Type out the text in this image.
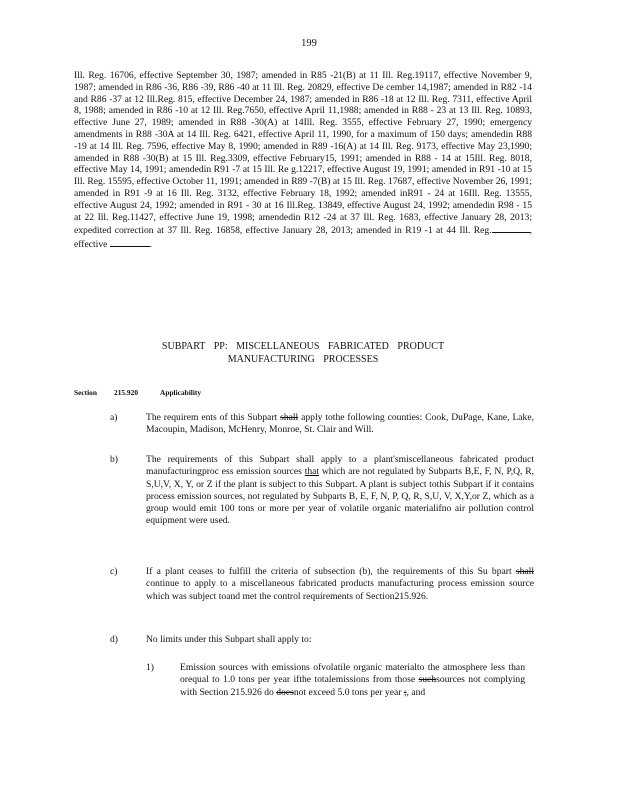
199

Ill. Reg. 16706, effective September 30, 1987; amended in R85 -21(B) at 11 Ill. Reg.19117, effective November 9, 1987; amended in R86 -36, R86 -39, R86 -40 at 11 Ill. Reg. 20829, effective De cember 14,1987; amended in R82 -14 and R86 -37 at 12 Ill.Reg. 815, effective December 24, 1987; amended in R86 -18 at 12 Ill. Reg. 7311, effective April 8, 1988; amended in R86 -10 at 12 Ill. Reg.7650, effective April 11,1988; amended in R88 - 23 at 13 Ill. Reg. 10893, effective June 27, 1989; amended in R88 -30(A) at 14Ill. Reg. 3555, effective February 27, 1990; emergency amendments in R88 -30A at 14 Ill. Reg. 6421, effective April 11, 1990, for a maximum of 150 days; amendedin R88 -19 at 14 Ill. Reg. 7596, effective May 8, 1990; amended in R89 -16(A) at 14 Ill. Reg. 9173, effective May 23,1990; amended in R88 -30(B) at 15 Ill. Reg.3309, effective February15, 1991; amended in R88 - 14 at 15Ill. Reg. 8018, effective May 14, 1991; amendedin R91 -7 at 15 Ill. Re g.12217, effective August 19, 1991; amended in R91 -10 at 15 Ill. Reg. 15595, effective October 11, 1991; amended in R89 -7(B) at 15 Ill. Reg. 17687, effective November 26, 1991; amended in R91 -9 at 16 Ill. Reg. 3132, effective February 18, 1992; amended inR91 - 24 at 16Ill. Reg. 13555, effective August 24, 1992; amended in R91 - 30 at 16 Ill.Reg. 13849, effective August 24, 1992; amendedin R98 - 15 at 22 Ill. Reg.11427, effective June 19, 1998; amendedin R12 -24 at 37 Ill. Reg. 1683, effective January 28, 2013; expedited correction at 37 Ill. Reg. 16858, effective January 28, 2013; amended in R19 -1 at 44 Ill. Reg.	, effective	.

SUBPART PP: MISCELLANEOUS FABRICATED PRODUCT
MANUFACTURING PROCESSES
Section 215.920	Applicability
a)	The requirem ents of this Subpart shall apply tothe following counties: Cook, DuPage, Kane, Lake, Macoupin, Madison, McHenry, Monroe, St. Clair and Will.
b)	The requirements of this Subpart shall apply to a plant'smiscellaneous fabricated product manufacturingproc ess emission sources that which are not regulated by Subparts B,E, F, N, P,Q, R, S,U,V, X, Y, or Z if the plant is subject to this Subpart. A plant is subject tothis Subpart if it contains process emission sources, not regulated by Subparts B, E, F, N, P, Q, R, S,U, V, X,Y,or Z, which as a group would emit 100 tons or more per year of volatile organic materialifno air pollution control equipment were used.
c)	If a plant ceases to fulfill the criteria of subsection (b), the requirements of this Su bpart shall continue to apply to a miscellaneous fabricated products manufacturing process emission source which was subject toand met the control requirements of Section215.926.
d)	No limits under this Subpart shall apply to:
1)	Emission sources with emissions ofvolatile organic materialto the atmosphere less than orequal to 1.0 tons per year ifthe totalemissions from those suchsources not complying with Section 215.926 do doesnot exceed 5.0 tons per year ;, and
